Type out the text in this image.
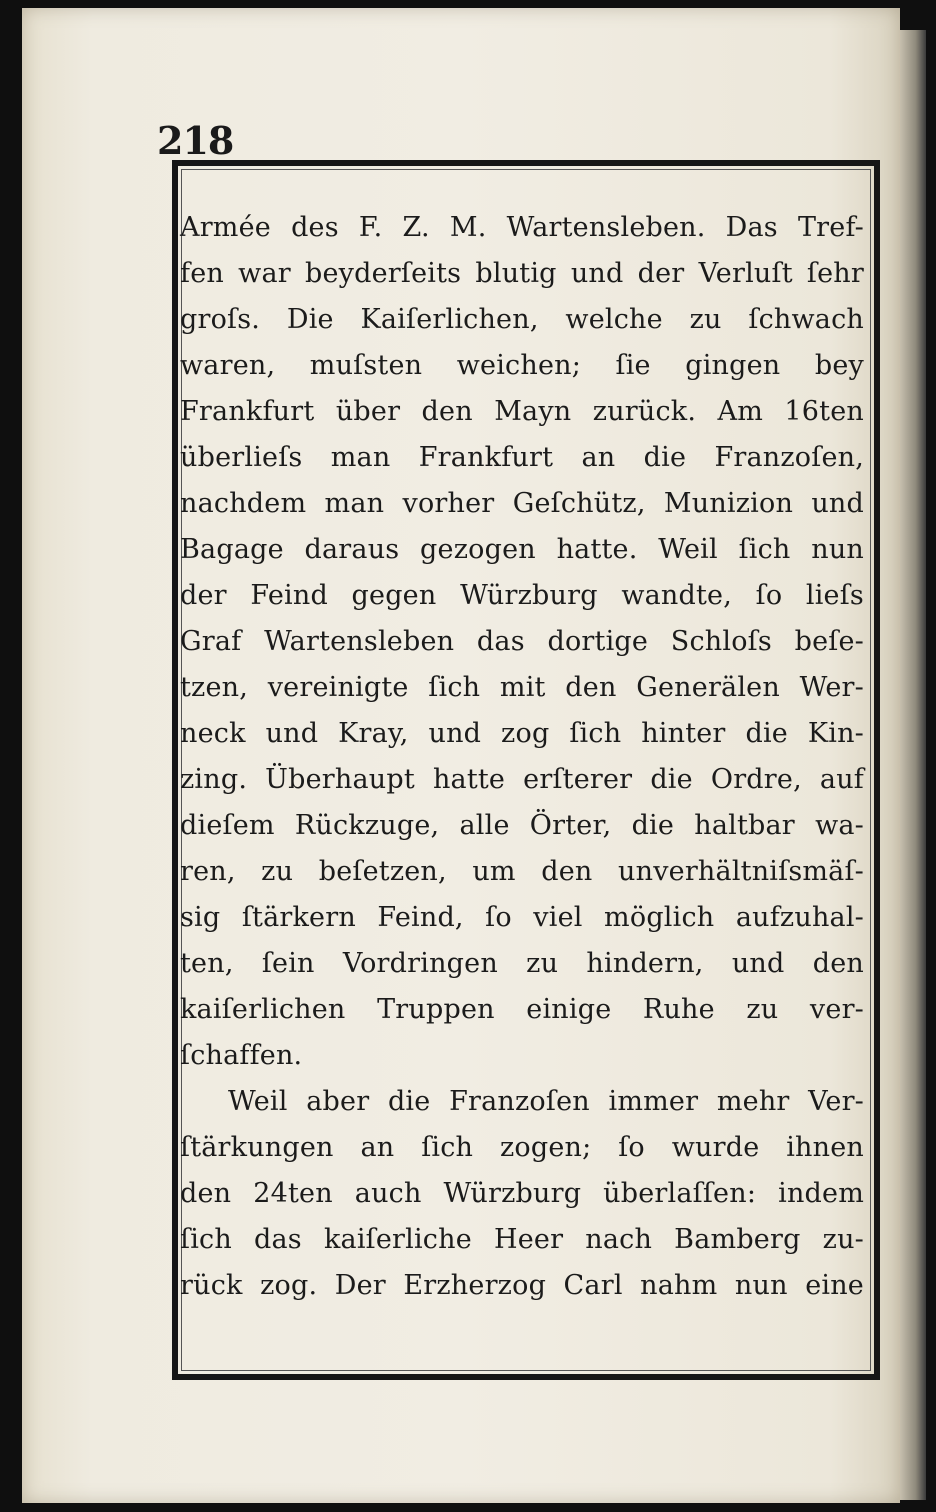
218
Armée des F. Z. M. Wartensleben. Das Tref-
fen war beyderſeits blutig und der Verluſt ſehr
groſs. Die Kaiſerlichen, welche zu ſchwach
waren, muſsten weichen; ſie gingen bey
Frankfurt über den Mayn zurück. Am 16ten
überlieſs man Frankfurt an die Franzoſen,
nachdem man vorher Geſchütz, Munizion und
Bagage daraus gezogen hatte. Weil ſich nun
der Feind gegen Würzburg wandte, ſo lieſs
Graf Wartensleben das dortige Schloſs beſe-
tzen, vereinigte ſich mit den Generälen Wer-
neck und Kray, und zog ſich hinter die Kin-
zing. Überhaupt hatte erſterer die Ordre, auf
dieſem Rückzuge, alle Örter, die haltbar wa-
ren, zu beſetzen, um den unverhältniſsmäſ-
sig ſtärkern Feind, ſo viel möglich aufzuhal-
ten, ſein Vordringen zu hindern, und den
kaiſerlichen Truppen einige Ruhe zu ver-
ſchaffen.
Weil aber die Franzoſen immer mehr Ver-
ſtärkungen an ſich zogen; ſo wurde ihnen
den 24ten auch Würzburg überlaſſen: indem
ſich das kaiſerliche Heer nach Bamberg zu-
rück zog. Der Erzherzog Carl nahm nun eine
